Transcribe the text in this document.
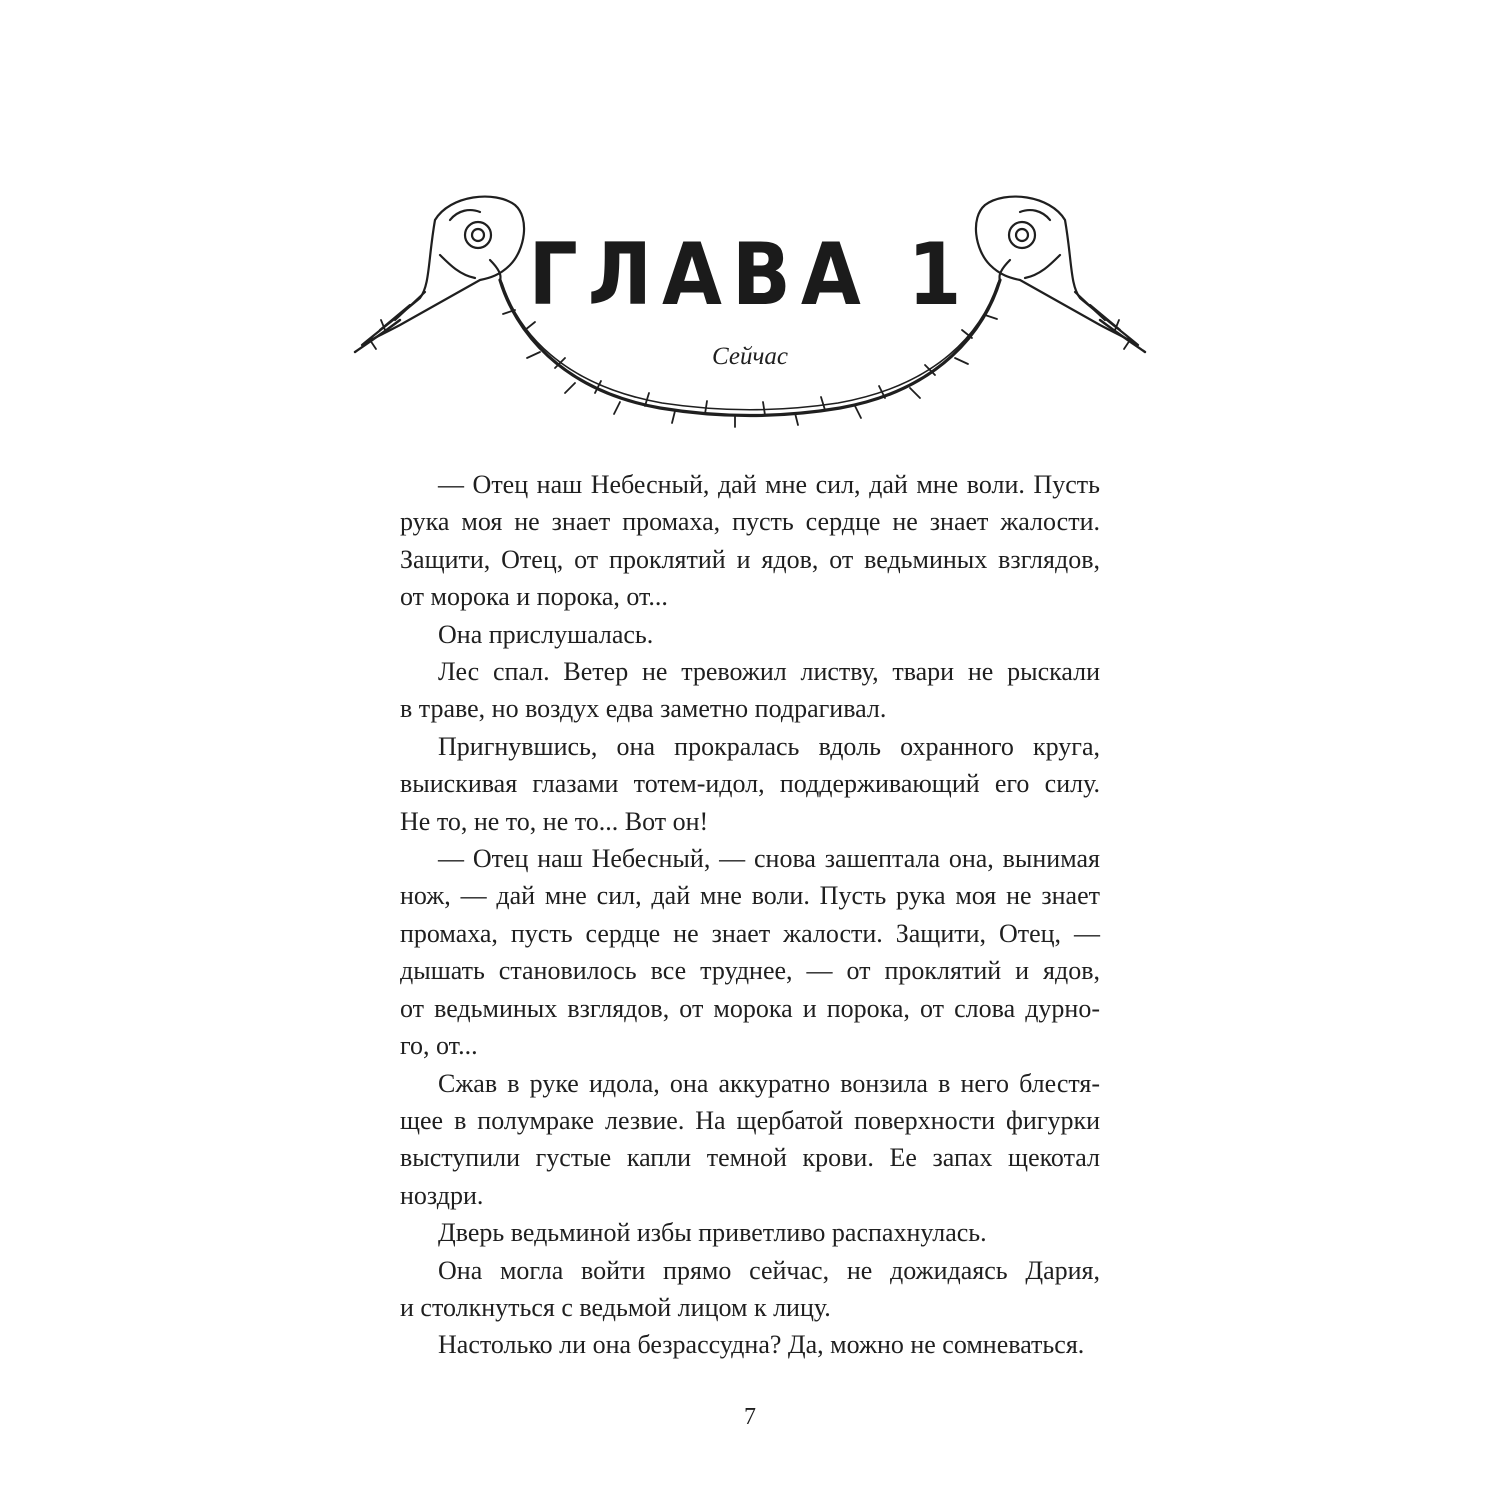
ГЛАВА 1

Сейчас

— Отец наш Небесный, дай мне сил, дай мне воли. Пусть
рука моя не знает промаха, пусть сердце не знает жалости.
Защити, Отец, от проклятий и ядов, от ведьминых взглядов,
от морока и порока, от...
Она прислушалась.
Лес спал. Ветер не тревожил листву, твари не рыскали
в траве, но воздух едва заметно подрагивал.
Пригнувшись, она прокралась вдоль охранного круга,
выискивая глазами тотем-идол, поддерживающий его силу.
Не то, не то, не то... Вот он!
— Отец наш Небесный, — снова зашептала она, вынимая
нож, — дай мне сил, дай мне воли. Пусть рука моя не знает
промаха, пусть сердце не знает жалости. Защити, Отец, —
дышать становилось все труднее, — от проклятий и ядов,
от ведьминых взглядов, от морока и порока, от слова дурно-
го, от...
Сжав в руке идола, она аккуратно вонзила в него блестя-
щее в полумраке лезвие. На щербатой поверхности фигурки
выступили густые капли темной крови. Ее запах щекотал
ноздри.
Дверь ведьминой избы приветливо распахнулась.
Она могла войти прямо сейчас, не дожидаясь Дария,
и столкнуться с ведьмой лицом к лицу.
Настолько ли она безрассудна? Да, можно не сомневаться.

7
